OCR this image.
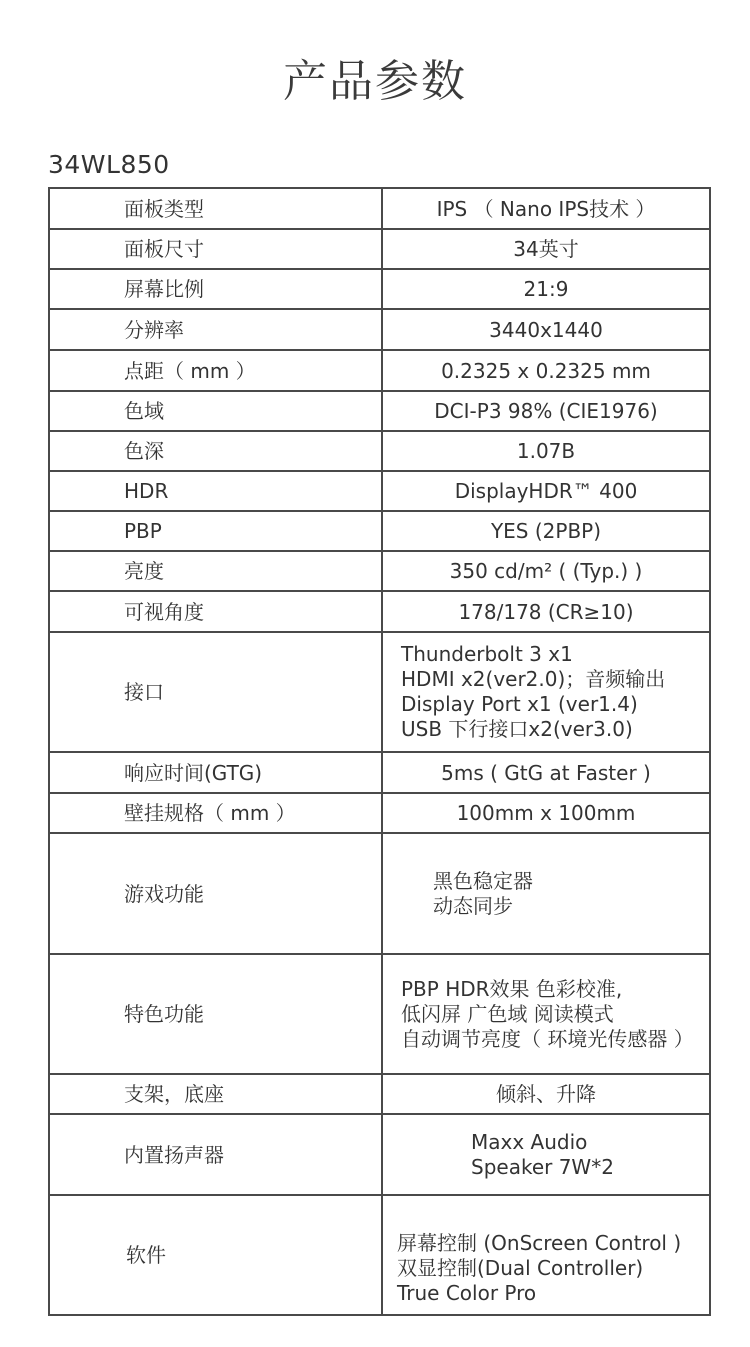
产品参数
34WL850
面板类型	IPS （ Nano IPS技术 ）
面板尺寸	34英寸
屏幕比例	21:9
分辨率	3440x1440
点距（ mm ）	0.2325 x 0.2325 mm
色域	DCI-P3 98% (CIE1976)
色深	1.07B
HDR	DisplayHDR™ 400
PBP	YES (2PBP)
亮度	350 cd/m² ( (Typ.) )
可视角度	178/178 (CR≥10)
接口	Thunderbolt 3 x1
HDMI x2(ver2.0)；音频输出
Display Port x1 (ver1.4)
USB 下行接口x2(ver3.0)

响应时间(GTG)	5ms ( GtG at Faster )
壁挂规格（ mm ）	100mm x 100mm
游戏功能	黑色稳定器
动态同步

特色功能	PBP HDR效果 色彩校准,
低闪屏 广色域 阅读模式
自动调节亮度（ 环境光传感器 ）

支架，底座	倾斜、升降
内置扬声器	Maxx Audio
Speaker 7W*2

软件	屏幕控制 (OnScreen Control )
双显控制(Dual Controller)
True Color Pro
